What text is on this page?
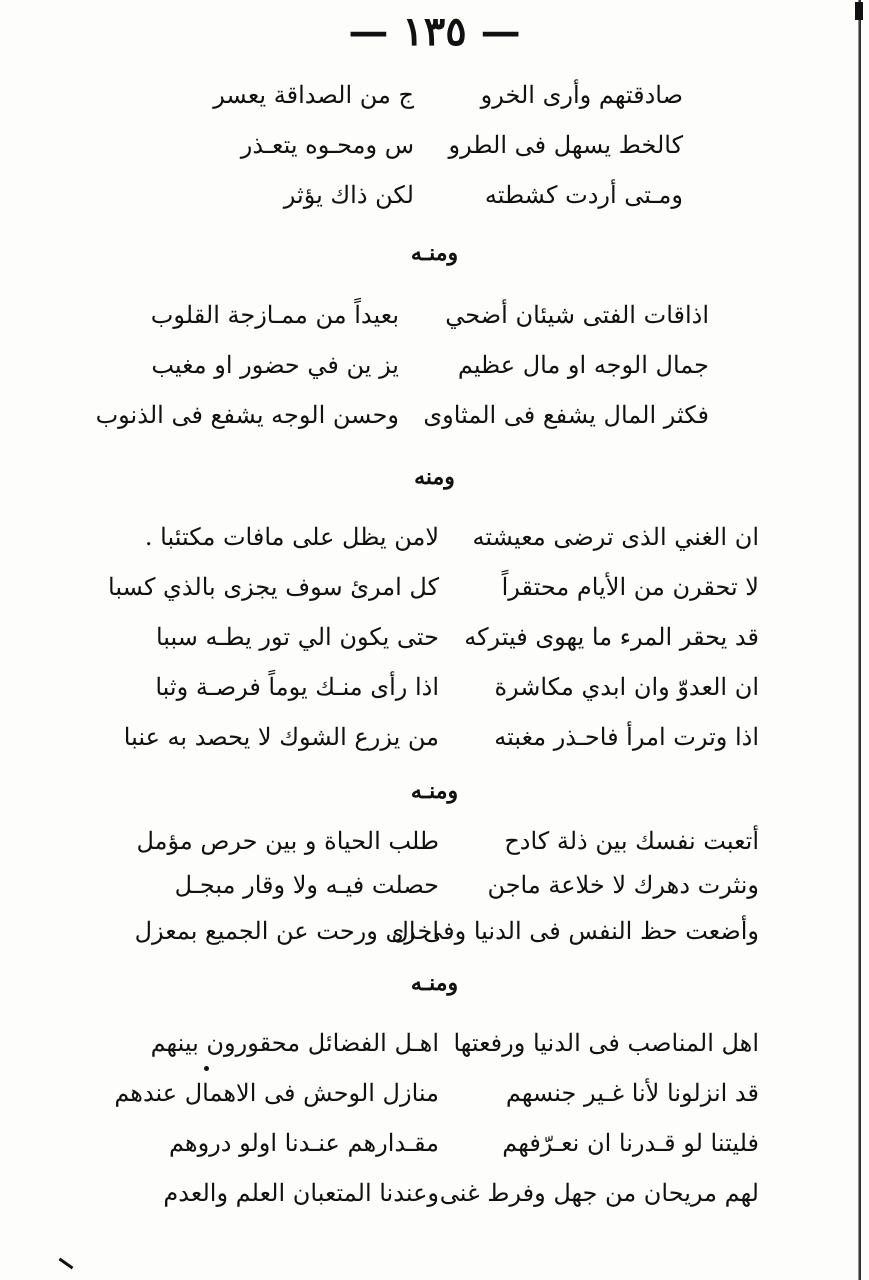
— ١٣٥ —
صادقتهم وأرى الخرو
ج من الصداقة يعسر
كالخط يسهل فى الطرو
س ومحـوه يتعـذر
ومـتى أردت كشطته
لكن ذاك يؤثر
ومنـه
اذاقات الفتى شيئان أضحي
بعيداً من ممـازجة القلوب
جمال الوجه او مال عظيم
يز ين في حضور او مغيب
فكثر المال يشفع فى المثاوى
وحسن الوجه يشفع فى الذنوب
ومنه
ان الغني الذى ترضى معيشته
لامن يظل على مافات مكتئبا .
لا تحقرن من الأيام محتقراً
كل امرئ سوف يجزى بالذي كسبا
قد يحقر المرء ما يهوى فيتركه
حتى يكون الي تور يطـه سببا
ان العدوّ وان ابدي مكاشرة
اذا رأى منـك يوماً فرصـة وثبا
اذا وترت امرأ فاحـذر مغبته
من يزرع الشوك لا يحصد به عنبا
ومنـه
أتعبت نفسك بين ذلة كادح
طلب الحياة و بين حرص مؤمل
ونثرت دهرك لا خلاعة ماجن
حصلت فيـه ولا وقار مبجـل
وأضعت حظ النفس فى الدنيا وفى ال
اخرى ورحت عن الجميع بمعزل
ومنـه
اهل المناصب فى الدنيا ورفعتها
اهـل الفضائل محقورون بينهم
قد انزلونا لأنا غـير جنسهم
منازل الوحش فى الاهمال عندهم
فليتنا لو قـدرنا ان نعـرّفهم
مقـدارهم عنـدنا اولو دروهم
لهم مريحان من جهل وفرط غنى
وعندنا المتعبان العلم والعدم
